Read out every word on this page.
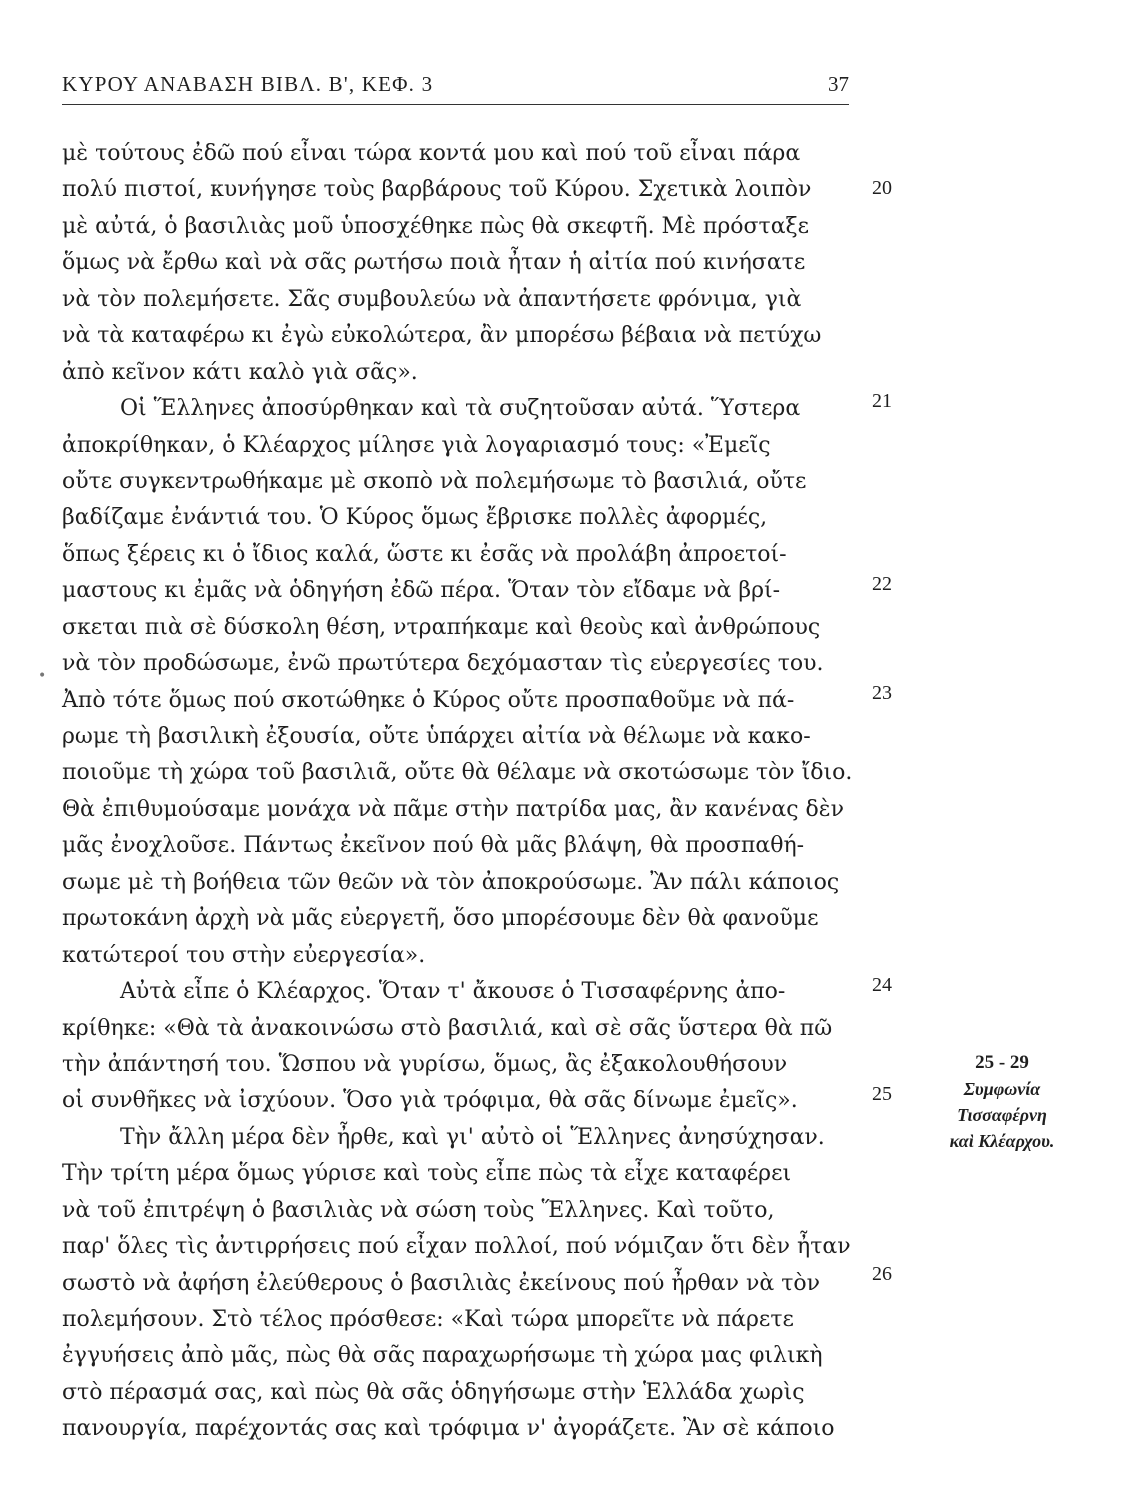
ΚΥΡΟΥ ΑΝΑΒΑΣΗ ΒΙΒΛ. Β', ΚΕΦ. 3	37
μὲ τούτους ἐδῶ πού εἶναι τώρα κοντά μου καὶ πού τοῦ εἶναι πάρα
πολύ πιστοί, κυνήγησε τοὺς βαρβάρους τοῦ Κύρου. Σχετικὰ λοιπὸν
μὲ αὐτά, ὁ βασιλιὰς μοῦ ὑποσχέθηκε πὼς θὰ σκεφτῆ. Μὲ πρόσταξε
ὅμως νὰ ἔρθω καὶ νὰ σᾶς ρωτήσω ποιὰ ἦταν ἡ αἰτία πού κινήσατε
νὰ τὸν πολεμήσετε. Σᾶς συμβουλεύω νὰ ἀπαντήσετε φρόνιμα, γιὰ
νὰ τὰ καταφέρω κι ἐγὼ εὐκολώτερα, ἂν μπορέσω βέβαια νὰ πετύχω
ἀπὸ κεῖνον κάτι καλὸ γιὰ σᾶς».
Οἱ Ἕλληνες ἀποσύρθηκαν καὶ τὰ συζητοῦσαν αὐτά. Ὕστερα
ἀποκρίθηκαν, ὁ Κλέαρχος μίλησε γιὰ λογαριασμό τους: «Ἐμεῖς
οὔτε συγκεντρωθήκαμε μὲ σκοπὸ νὰ πολεμήσωμε τὸ βασιλιά, οὔτε
βαδίζαμε ἐνάντιά του. Ὁ Κύρος ὅμως ἔβρισκε πολλὲς ἀφορμές,
ὅπως ξέρεις κι ὁ ἴδιος καλά, ὥστε κι ἐσᾶς νὰ προλάβη ἀπροετοί-
μαστους κι ἐμᾶς νὰ ὁδηγήση ἐδῶ πέρα. Ὅταν τὸν εἴδαμε νὰ βρί-
σκεται πιὰ σὲ δύσκολη θέση, ντραπήκαμε καὶ θεοὺς καὶ ἀνθρώπους
νὰ τὸν προδώσωμε, ἐνῶ πρωτύτερα δεχόμασταν τὶς εὐεργεσίες του.
Ἀπὸ τότε ὅμως πού σκοτώθηκε ὁ Κύρος οὔτε προσπαθοῦμε νὰ πά-
ρωμε τὴ βασιλικὴ ἐξουσία, οὔτε ὑπάρχει αἰτία νὰ θέλωμε νὰ κακο-
ποιοῦμε τὴ χώρα τοῦ βασιλιᾶ, οὔτε θὰ θέλαμε νὰ σκοτώσωμε τὸν ἴδιο.
Θὰ ἐπιθυμούσαμε μονάχα νὰ πᾶμε στὴν πατρίδα μας, ἂν κανένας δὲν
μᾶς ἐνοχλοῦσε. Πάντως ἐκεῖνον πού θὰ μᾶς βλάψη, θὰ προσπαθή-
σωμε μὲ τὴ βοήθεια τῶν θεῶν νὰ τὸν ἀποκρούσωμε. Ἂν πάλι κάποιος
πρωτοκάνη ἀρχὴ νὰ μᾶς εὐεργετῆ, ὅσο μπορέσουμε δὲν θὰ φανοῦμε
κατώτεροί του στὴν εὐεργεσία».
Αὐτὰ εἶπε ὁ Κλέαρχος. Ὅταν τ' ἄκουσε ὁ Τισσαφέρνης ἀπο-
κρίθηκε: «Θὰ τὰ ἀνακοινώσω στὸ βασιλιά, καὶ σὲ σᾶς ὕστερα θὰ πῶ
τὴν ἀπάντησή του. Ὥσπου νὰ γυρίσω, ὅμως, ἂς ἐξακολουθήσουν
οἱ συνθῆκες νὰ ἰσχύουν. Ὅσο γιὰ τρόφιμα, θὰ σᾶς δίνωμε ἐμεῖς».
Τὴν ἄλλη μέρα δὲν ἦρθε, καὶ γι' αὐτὸ οἱ Ἕλληνες ἀνησύχησαν.
Τὴν τρίτη μέρα ὅμως γύρισε καὶ τοὺς εἶπε πὼς τὰ εἶχε καταφέρει
νὰ τοῦ ἐπιτρέψη ὁ βασιλιὰς νὰ σώση τοὺς Ἕλληνες. Καὶ τοῦτο,
παρ' ὅλες τὶς ἀντιρρήσεις πού εἶχαν πολλοί, πού νόμιζαν ὅτι δὲν ἦταν
σωστὸ νὰ ἀφήση ἐλεύθερους ὁ βασιλιὰς ἐκείνους πού ἦρθαν νὰ τὸν
πολεμήσουν. Στὸ τέλος πρόσθεσε: «Καὶ τώρα μπορεῖτε νὰ πάρετε
ἐγγυήσεις ἀπὸ μᾶς, πὼς θὰ σᾶς παραχωρήσωμε τὴ χώρα μας φιλικὴ
στὸ πέρασμά σας, καὶ πὼς θὰ σᾶς ὁδηγήσωμε στὴν Ἑλλάδα χωρὶς
πανουργία, παρέχοντάς σας καὶ τρόφιμα ν' ἀγοράζετε. Ἂν σὲ κάποιο
20
21
22
23
24
25
26
25 - 29
Συμφωνία
Τισσαφέρνη
καὶ Κλέαρχου.
•
